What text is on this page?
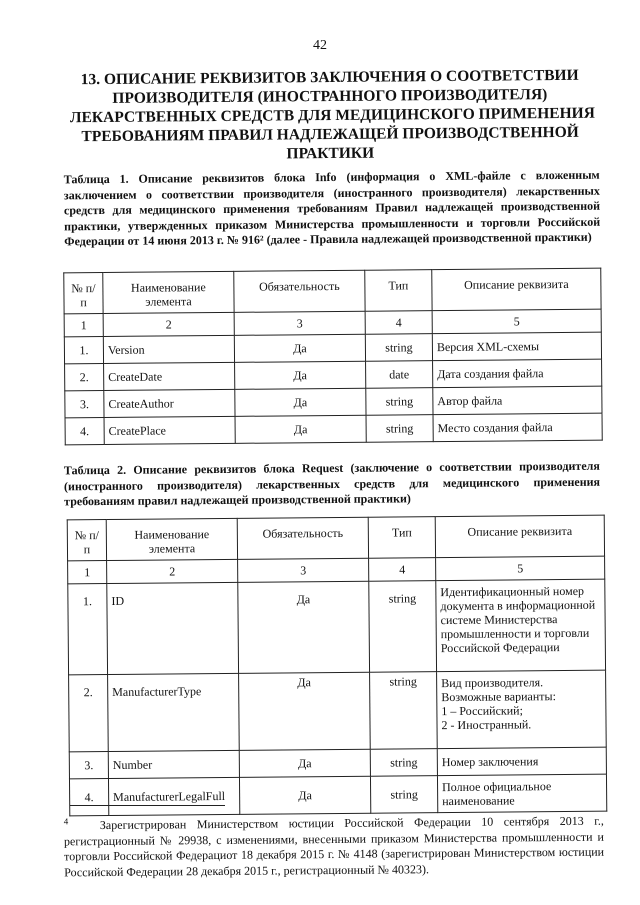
42
13. ОПИСАНИЕ РЕКВИЗИТОВ ЗАКЛЮЧЕНИЯ О СООТВЕТСТВИИ
ПРОИЗВОДИТЕЛЯ (ИНОСТРАННОГО ПРОИЗВОДИТЕЛЯ)
ЛЕКАРСТВЕННЫХ СРЕДСТВ ДЛЯ МЕДИЦИНСКОГО ПРИМЕНЕНИЯ
ТРЕБОВАНИЯМ ПРАВИЛ НАДЛЕЖАЩЕЙ ПРОИЗВОДСТВЕННОЙ
ПРАКТИКИ
Таблица 1. Описание реквизитов блока Info (информация о XML-файле с вложенным заключением о соответствии производителя (иностранного производителя) лекарственных средств для медицинского применения требованиям Правил надлежащей производственной практики, утвержденных приказом Министерства промышленности и торговли Российской Федерации от 14 июня 2013 г. № 916² (далее - Правила надлежащей производственной практики)
№ п/п	Наименование элемента	Обязательность	Тип	Описание реквизита
1	2	3	4	5
1.	Version	Да	string	Версия XML-схемы
2.	CreateDate	Да	date	Дата создания файла
3.	CreateAuthor	Да	string	Автор файла
4.	CreatePlace	Да	string	Место создания файла
Таблица 2. Описание реквизитов блока Request (заключение о соответствии производителя (иностранного производителя) лекарственных средств для медицинского применения требованиям правил надлежащей производственной практики)
№ п/п	Наименование элемента	Обязательность	Тип	Описание реквизита
1	2	3	4	5
1.	ID	Да	string	Идентификационный номер документа в информационной системе Министерства промышленности и торговли Российской Федерации
2.	ManufacturerType	Да	string	Вид производителя.
Возможные варианты:
1 – Российский;
2 - Иностранный.

3.	Number	Да	string	Номер заключения
4.	ManufacturerLegalFull	Да	string	Полное официальное наименование
$^4$	Зарегистрирован Министерством юстиции Российской Федерации 10 сентября 2013 г., регистрационный № 29938, с изменениями, внесенными приказом Министерства промышленности и торговли Российской Федерациот 18 декабря 2015 г. № 4148 (зарегистрирован Министерством юстиции Российской Федерации 28 декабря 2015 г., регистрационный № 40323).
